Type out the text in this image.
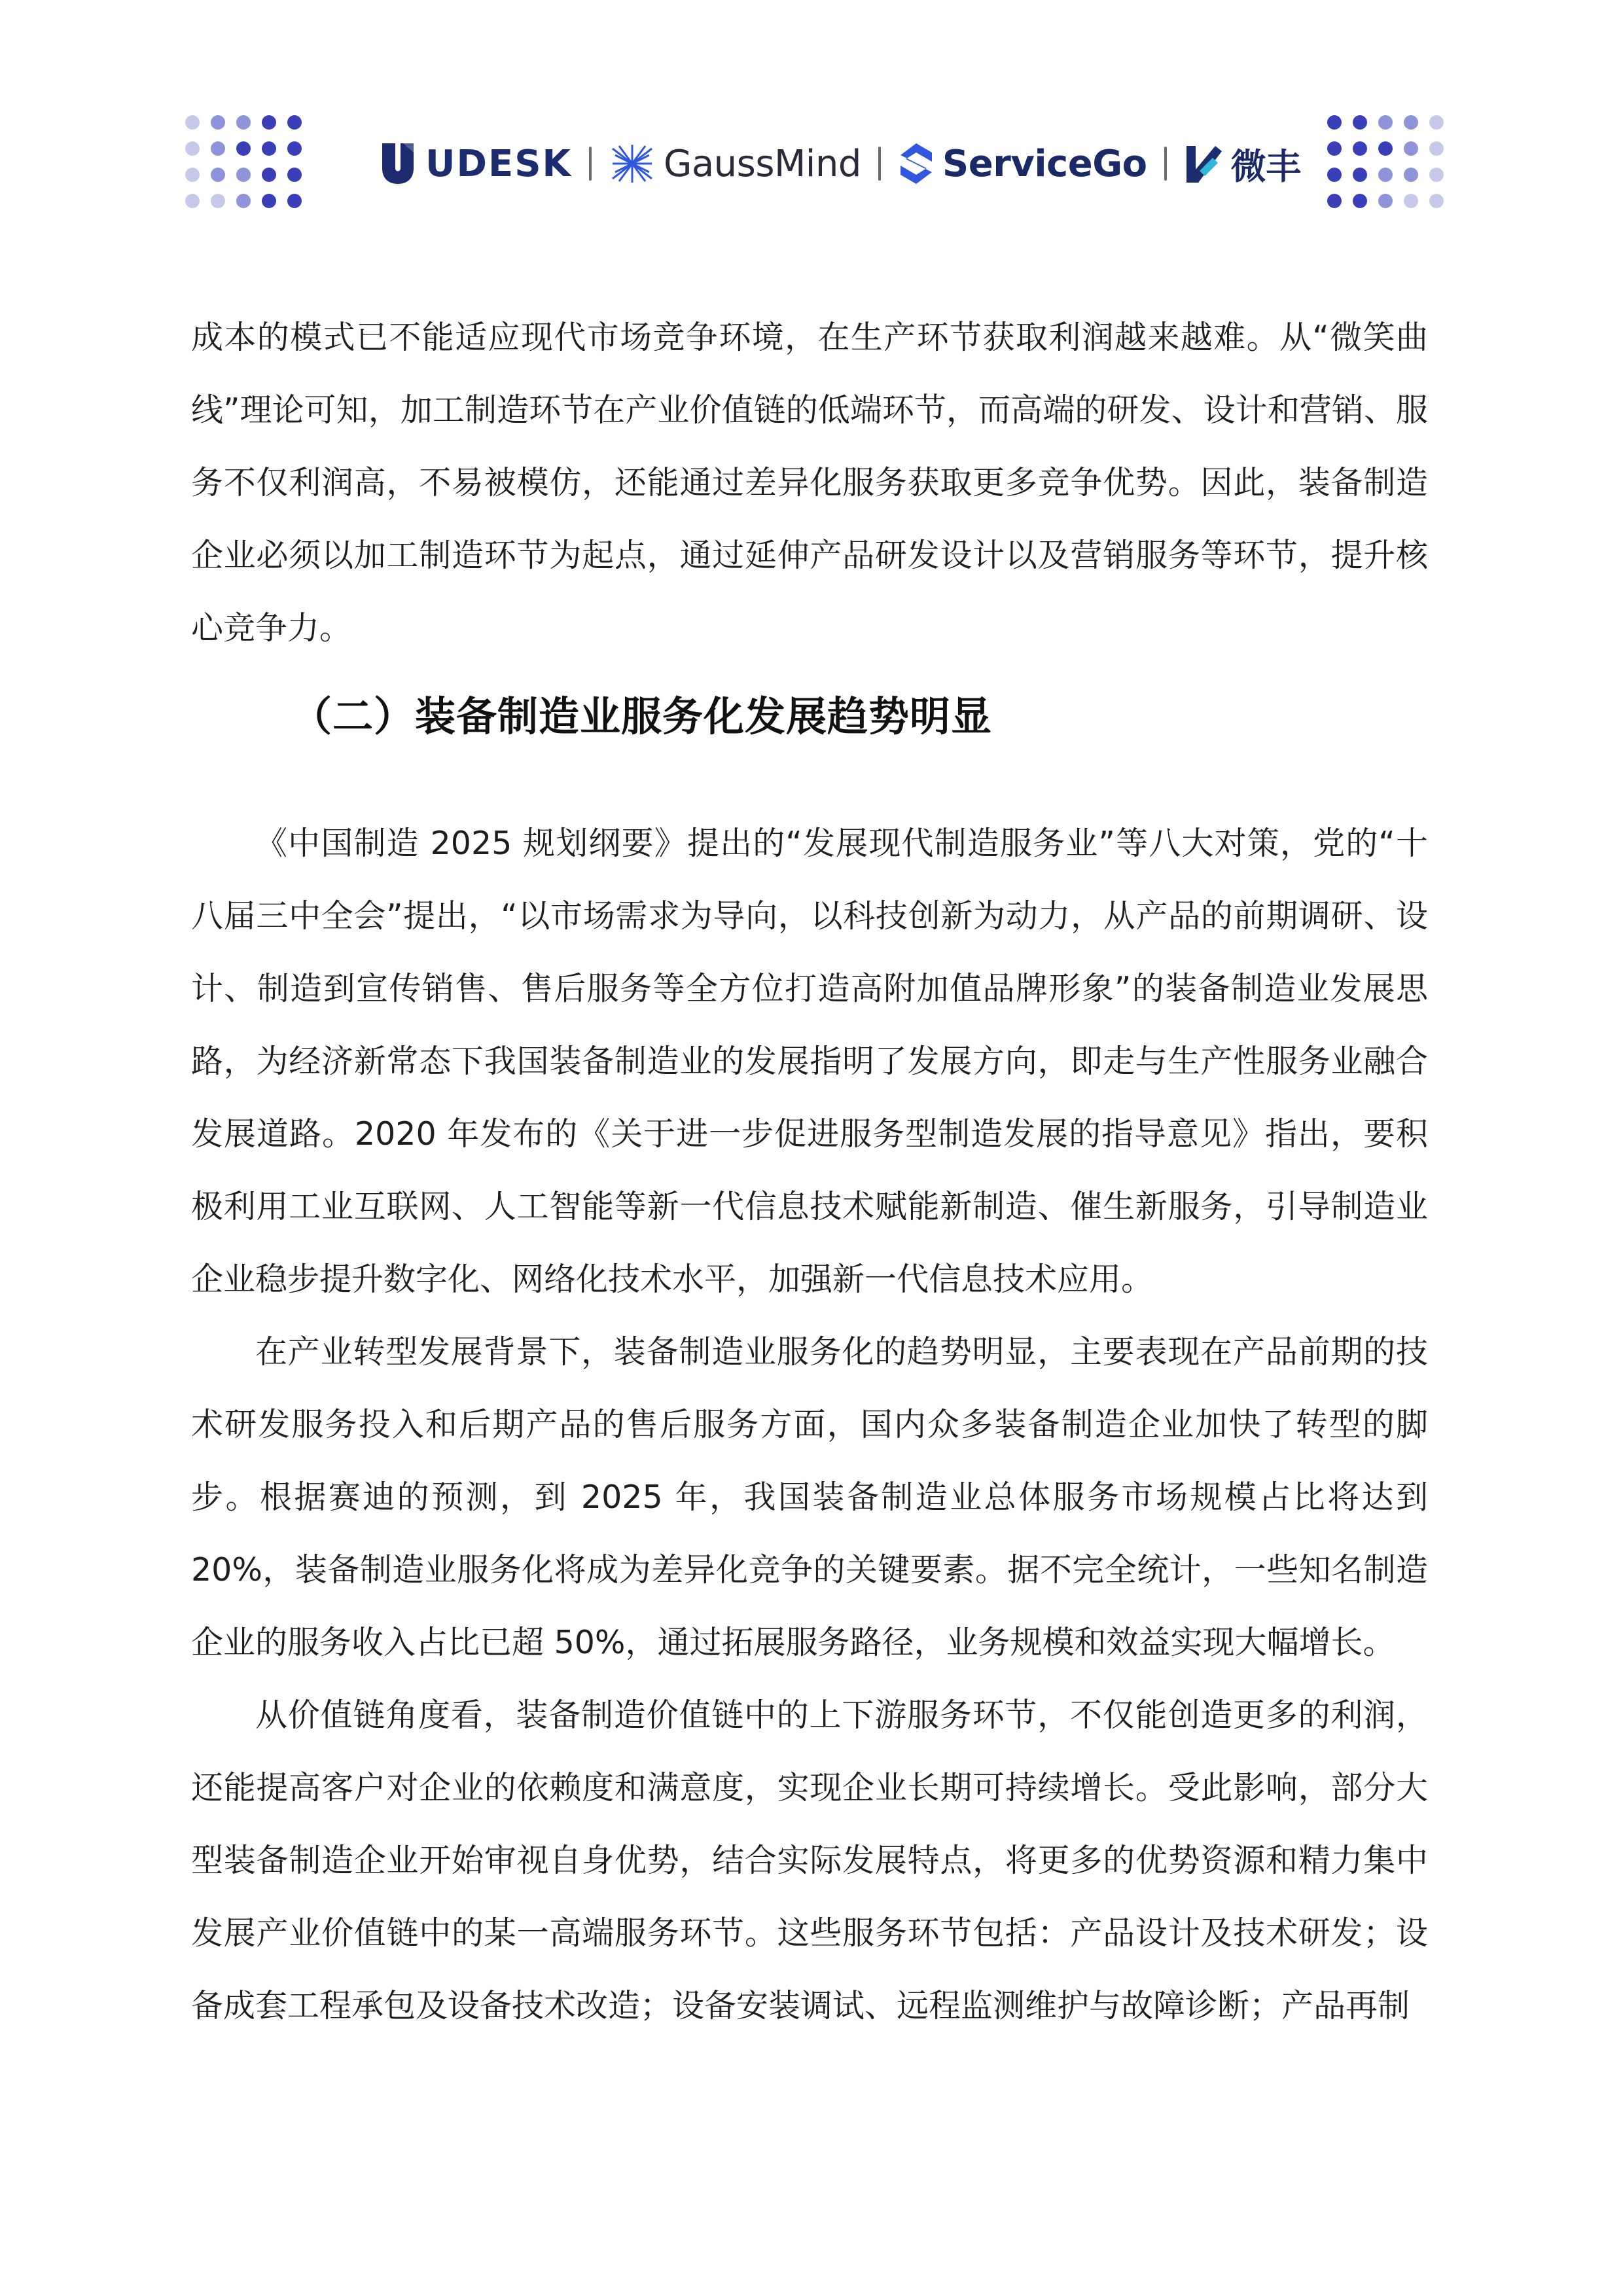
UDESK	GaussMind ServiceGo 微丰

成本的模式已不能适应现代市场竞争环境，在生产环节获取利润越来越难。从“微笑曲线”理论可知，加工制造环节在产业价值链的低端环节，而高端的研发、设计和营销、服务不仅利润高，不易被模仿，还能通过差异化服务获取更多竞争优势。因此，装备制造企业必须以加工制造环节为起点，通过延伸产品研发设计以及营销服务等环节，提升核心竞争力。

（二）装备制造业服务化发展趋势明显

《中国制造 2025 规划纲要》提出的“发展现代制造服务业”等八大对策，党的“十八届三中全会”提出，“以市场需求为导向，以科技创新为动力，从产品的前期调研、设计、制造到宣传销售、售后服务等全方位打造高附加值品牌形象”的装备制造业发展思路，为经济新常态下我国装备制造业的发展指明了发展方向，即走与生产性服务业融合发展道路。2020 年发布的《关于进一步促进服务型制造发展的指导意见》指出，要积极利用工业互联网、人工智能等新一代信息技术赋能新制造、催生新服务，引导制造业企业稳步提升数字化、网络化技术水平，加强新一代信息技术应用。

在产业转型发展背景下，装备制造业服务化的趋势明显，主要表现在产品前期的技术研发服务投入和后期产品的售后服务方面，国内众多装备制造企业加快了转型的脚步。根据赛迪的预测，到 2025 年，我国装备制造业总体服务市场规模占比将达到 20%，装备制造业服务化将成为差异化竞争的关键要素。据不完全统计，一些知名制造企业的服务收入占比已超 50%，通过拓展服务路径，业务规模和效益实现大幅增长。

从价值链角度看，装备制造价值链中的上下游服务环节，不仅能创造更多的利润，还能提高客户对企业的依赖度和满意度，实现企业长期可持续增长。受此影响，部分大型装备制造企业开始审视自身优势，结合实际发展特点，将更多的优势资源和精力集中发展产业价值链中的某一高端服务环节。这些服务环节包括：产品设计及技术研发；设备成套工程承包及设备技术改造；设备安装调试、远程监测维护与故障诊断；产品再制
